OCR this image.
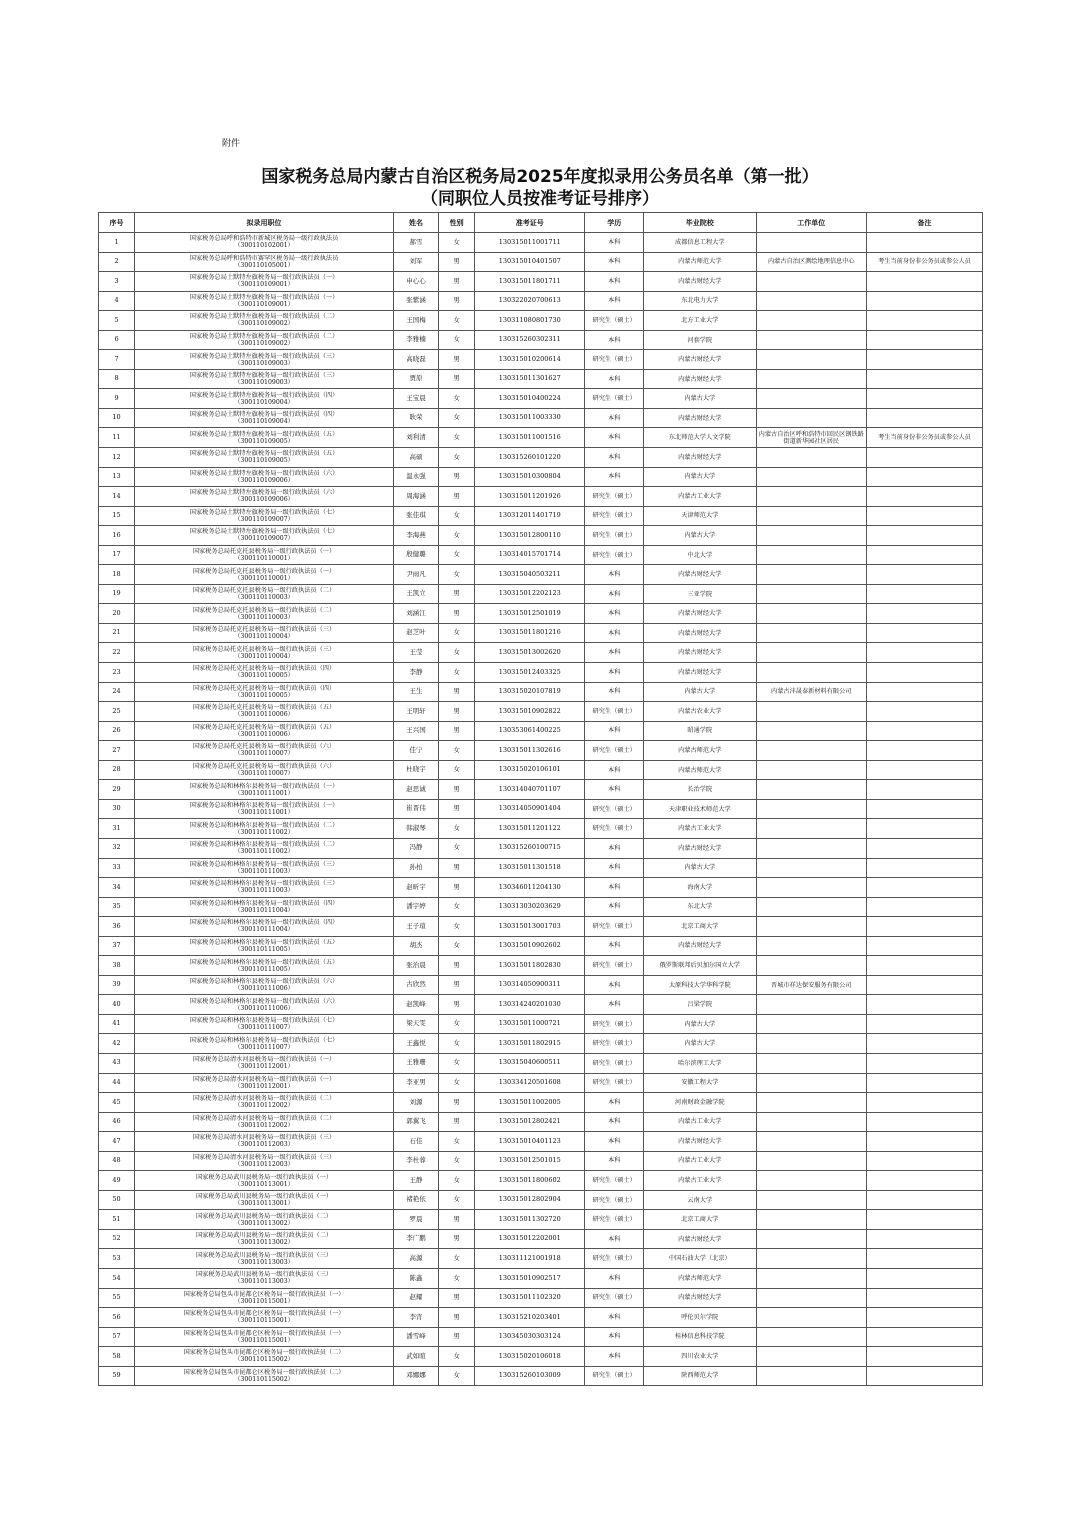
附件
国家税务总局内蒙古自治区税务局2025年度拟录用公务员名单（第一批）
（同职位人员按准考证号排序）
序号	拟录用职位	姓名	性别	准考证号	学历	毕业院校	工作单位	备注
1	国家税务总局呼和浩特市新城区税务局一级行政执法员
（300110102001）	郝雪	女	130315011001711	本科	成都信息工程大学		
2	国家税务总局呼和浩特市赛罕区税务局一级行政执法员
（300110105001）	刘军	男	130315010401507	本科	内蒙古师范大学	内蒙古自治区测绘地理信息中心	考生当前身份非公务员或参公人员
3	国家税务总局土默特左旗税务局一级行政执法员（一）
（300110109001）	申心心	男	130315011801711	本科	内蒙古财经大学		
4	国家税务总局土默特左旗税务局一级行政执法员（一）
（300110109001）	张紫涵	男	130322020700613	本科	东北电力大学		
5	国家税务总局土默特左旗税务局一级行政执法员（二）
（300110109002）	王国梅	女	130311080801730	研究生（硕士）	北方工业大学		
6	国家税务总局土默特左旗税务局一级行政执法员（二）
（300110109002）	李雅楠	女	130315260302311	本科	河套学院		
7	国家税务总局土默特左旗税务局一级行政执法员（三）
（300110109003）	高晓磊	男	130315010200614	研究生（硕士）	内蒙古财经大学		
8	国家税务总局土默特左旗税务局一级行政执法员（三）
（300110109003）	贾原	男	130315011301627	本科	内蒙古财经大学		
9	国家税务总局土默特左旗税务局一级行政执法员（四）
（300110109004）	王宝晨	女	130315010400224	研究生（硕士）	内蒙古大学		
10	国家税务总局土默特左旗税务局一级行政执法员（四）
（300110109004）	耿荣	女	130315011003330	本科	内蒙古财经大学		
11	国家税务总局土默特左旗税务局一级行政执法员（五）
（300110109005）	刘利清	女	130315011001516	本科	东北师范大学人文学院	内蒙古自治区呼和浩特市回民区钢铁路街道新华园社区居民	考生当前身份非公务员或参公人员
12	国家税务总局土默特左旗税务局一级行政执法员（五）
（300110109005）	高硕	女	130315260101220	本科	内蒙古财经大学		
13	国家税务总局土默特左旗税务局一级行政执法员（六）
（300110109006）	温永强	男	130315010300804	本科	内蒙古大学		
14	国家税务总局土默特左旗税务局一级行政执法员（六）
（300110109006）	周海涵	男	130315011201926	研究生（硕士）	内蒙古工业大学		
15	国家税务总局土默特左旗税务局一级行政执法员（七）
（300110109007）	张佳琪	女	130312011401719	研究生（硕士）	天津师范大学		
16	国家税务总局土默特左旗税务局一级行政执法员（七）
（300110109007）	李海燕	女	130315012800110	研究生（硕士）	内蒙古大学		
17	国家税务总局托克托县税务局一级行政执法员（一）
（300110110001）	殷健璐	女	130314015701714	研究生（硕士）	中北大学		
18	国家税务总局托克托县税务局一级行政执法员（一）
（300110110001）	尹雨凡	女	130315040503211	本科	内蒙古财经大学		
19	国家税务总局托克托县税务局一级行政执法员（二）
（300110110003）	王凯立	男	130315012202123	本科	三亚学院		
20	国家税务总局托克托县税务局一级行政执法员（二）
（300110110003）	刘涵江	男	130315012501019	本科	内蒙古财经大学		
21	国家税务总局托克托县税务局一级行政执法员（三）
（300110110004）	赵芝叶	女	130315011801216	本科	内蒙古财经大学		
22	国家税务总局托克托县税务局一级行政执法员（三）
（300110110004）	王莹	女	130315013002620	本科	内蒙古财经大学		
23	国家税务总局托克托县税务局一级行政执法员（四）
（300110110005）	李静	女	130315012403325	本科	内蒙古财经大学		
24	国家税务总局托克托县税务局一级行政执法员（四）
（300110110005）	王生	男	130315020107819	本科	内蒙古大学	内蒙古沣晟泰新材料有限公司	
25	国家税务总局托克托县税务局一级行政执法员（五）
（300110110006）	王明轩	男	130315010902822	研究生（硕士）	内蒙古农业大学		
26	国家税务总局托克托县税务局一级行政执法员（五）
（300110110006）	王兴国	男	130353061400225	本科	昭通学院		
27	国家税务总局托克托县税务局一级行政执法员（六）
（300110110007）	佳宁	女	130315011302616	研究生（硕士）	内蒙古师范大学		
28	国家税务总局托克托县税务局一级行政执法员（六）
（300110110007）	杜晓宇	女	130315020106101	本科	内蒙古师范大学		
29	国家税务总局和林格尔县税务局一级行政执法员（一）
（300110111001）	赵思诚	男	130314040701107	本科	长治学院		
30	国家税务总局和林格尔县税务局一级行政执法员（一）
（300110111001）	崔晋伟	男	130314050901404	研究生（硕士）	天津职业技术师范大学		
31	国家税务总局和林格尔县税务局一级行政执法员（二）
（300110111002）	韩淑琴	女	130315011201122	研究生（硕士）	内蒙古工业大学		
32	国家税务总局和林格尔县税务局一级行政执法员（二）
（300110111002）	冯静	女	130315260100715	本科	内蒙古财经大学		
33	国家税务总局和林格尔县税务局一级行政执法员（三）
（300110111003）	孙柏	男	130315011301518	本科	内蒙古大学		
34	国家税务总局和林格尔县税务局一级行政执法员（三）
（300110111003）	赵昕宇	男	130346011204130	本科	海南大学		
35	国家税务总局和林格尔县税务局一级行政执法员（四）
（300110111004）	潘宇婷	女	130313030203629	本科	东北大学		
36	国家税务总局和林格尔县税务局一级行政执法员（四）
（300110111004）	王子瑄	女	130315013001703	研究生（硕士）	北京工商大学		
37	国家税务总局和林格尔县税务局一级行政执法员（五）
（300110111005）	胡杰	女	130315010902602	本科	内蒙古财经大学		
38	国家税务总局和林格尔县税务局一级行政执法员（五）
（300110111005）	张治晨	男	130315011802830	研究生（硕士）	俄罗斯联邦后贝加尔国立大学		
39	国家税务总局和林格尔县税务局一级行政执法员（六）
（300110111006）	古欣然	男	130314050900311	本科	太原科技大学华科学院	晋城市祥达保安服务有限公司	
40	国家税务总局和林格尔县税务局一级行政执法员（六）
（300110111006）	赵凯峰	男	130314240201030	本科	吕梁学院		
41	国家税务总局和林格尔县税务局一级行政执法员（七）
（300110111007）	梁天雯	女	130315011000721	研究生（硕士）	内蒙古大学		
42	国家税务总局和林格尔县税务局一级行政执法员（七）
（300110111007）	王鑫悦	女	130315011802915	研究生（硕士）	内蒙古大学		
43	国家税务总局清水河县税务局一级行政执法员（一）
（300110112001）	王雅珊	女	130315040600511	研究生（硕士）	哈尔滨理工大学		
44	国家税务总局清水河县税务局一级行政执法员（一）
（300110112001）	李亚男	女	130334120501608	研究生（硕士）	安徽工程大学		
45	国家税务总局清水河县税务局一级行政执法员（二）
（300110112002）	刘源	男	130315011002005	本科	河南财政金融学院		
46	国家税务总局清水河县税务局一级行政执法员（二）
（300110112002）	郭翼飞	男	130315012802421	本科	内蒙古工业大学		
47	国家税务总局清水河县税务局一级行政执法员（三）
（300110112003）	石佳	女	130315010401123	本科	内蒙古财经大学		
48	国家税务总局清水河县税务局一级行政执法员（三）
（300110112003）	李杜蓉	女	130315012501015	本科	内蒙古工业大学		
49	国家税务总局武川县税务局一级行政执法员（一）
（300110113001）	王静	女	130315011800602	研究生（硕士）	内蒙古工业大学		
50	国家税务总局武川县税务局一级行政执法员（一）
（300110113001）	褚艳依	女	130315012802904	研究生（硕士）	云南大学		
51	国家税务总局武川县税务局一级行政执法员（二）
（300110113002）	罗晨	男	130315011302720	研究生（硕士）	北京工商大学		
52	国家税务总局武川县税务局一级行政执法员（二）
（300110113002）	李广鹏	男	130315012202001	本科	内蒙古财经大学		
53	国家税务总局武川县税务局一级行政执法员（三）
（300110113003）	高源	女	130311121001918	研究生（硕士）	中国石油大学（北京）		
54	国家税务总局武川县税务局一级行政执法员（三）
（300110113003）	陈鑫	女	130315010902517	本科	内蒙古师范大学		
55	国家税务总局包头市昆都仑区税务局一级行政执法员（一）
（300110115001）	赵耀	男	130315011102320	研究生（硕士）	内蒙古财经大学		
56	国家税务总局包头市昆都仑区税务局一级行政执法员（一）
（300110115001）	李宵	男	130315210203401	本科	呼伦贝尔学院		
57	国家税务总局包头市昆都仑区税务局一级行政执法员（一）
（300110115001）	潘雪峰	男	130345030303124	本科	桂林信息科技学院		
58	国家税务总局包头市昆都仑区税务局一级行政执法员（二）
（300110115002）	武如暄	女	130315020106018	本科	四川农业大学		
59	国家税务总局包头市昆都仑区税务局一级行政执法员（二）
（300110115002）	邓娜娜	女	130315260103009	研究生（硕士）	陕西师范大学		
